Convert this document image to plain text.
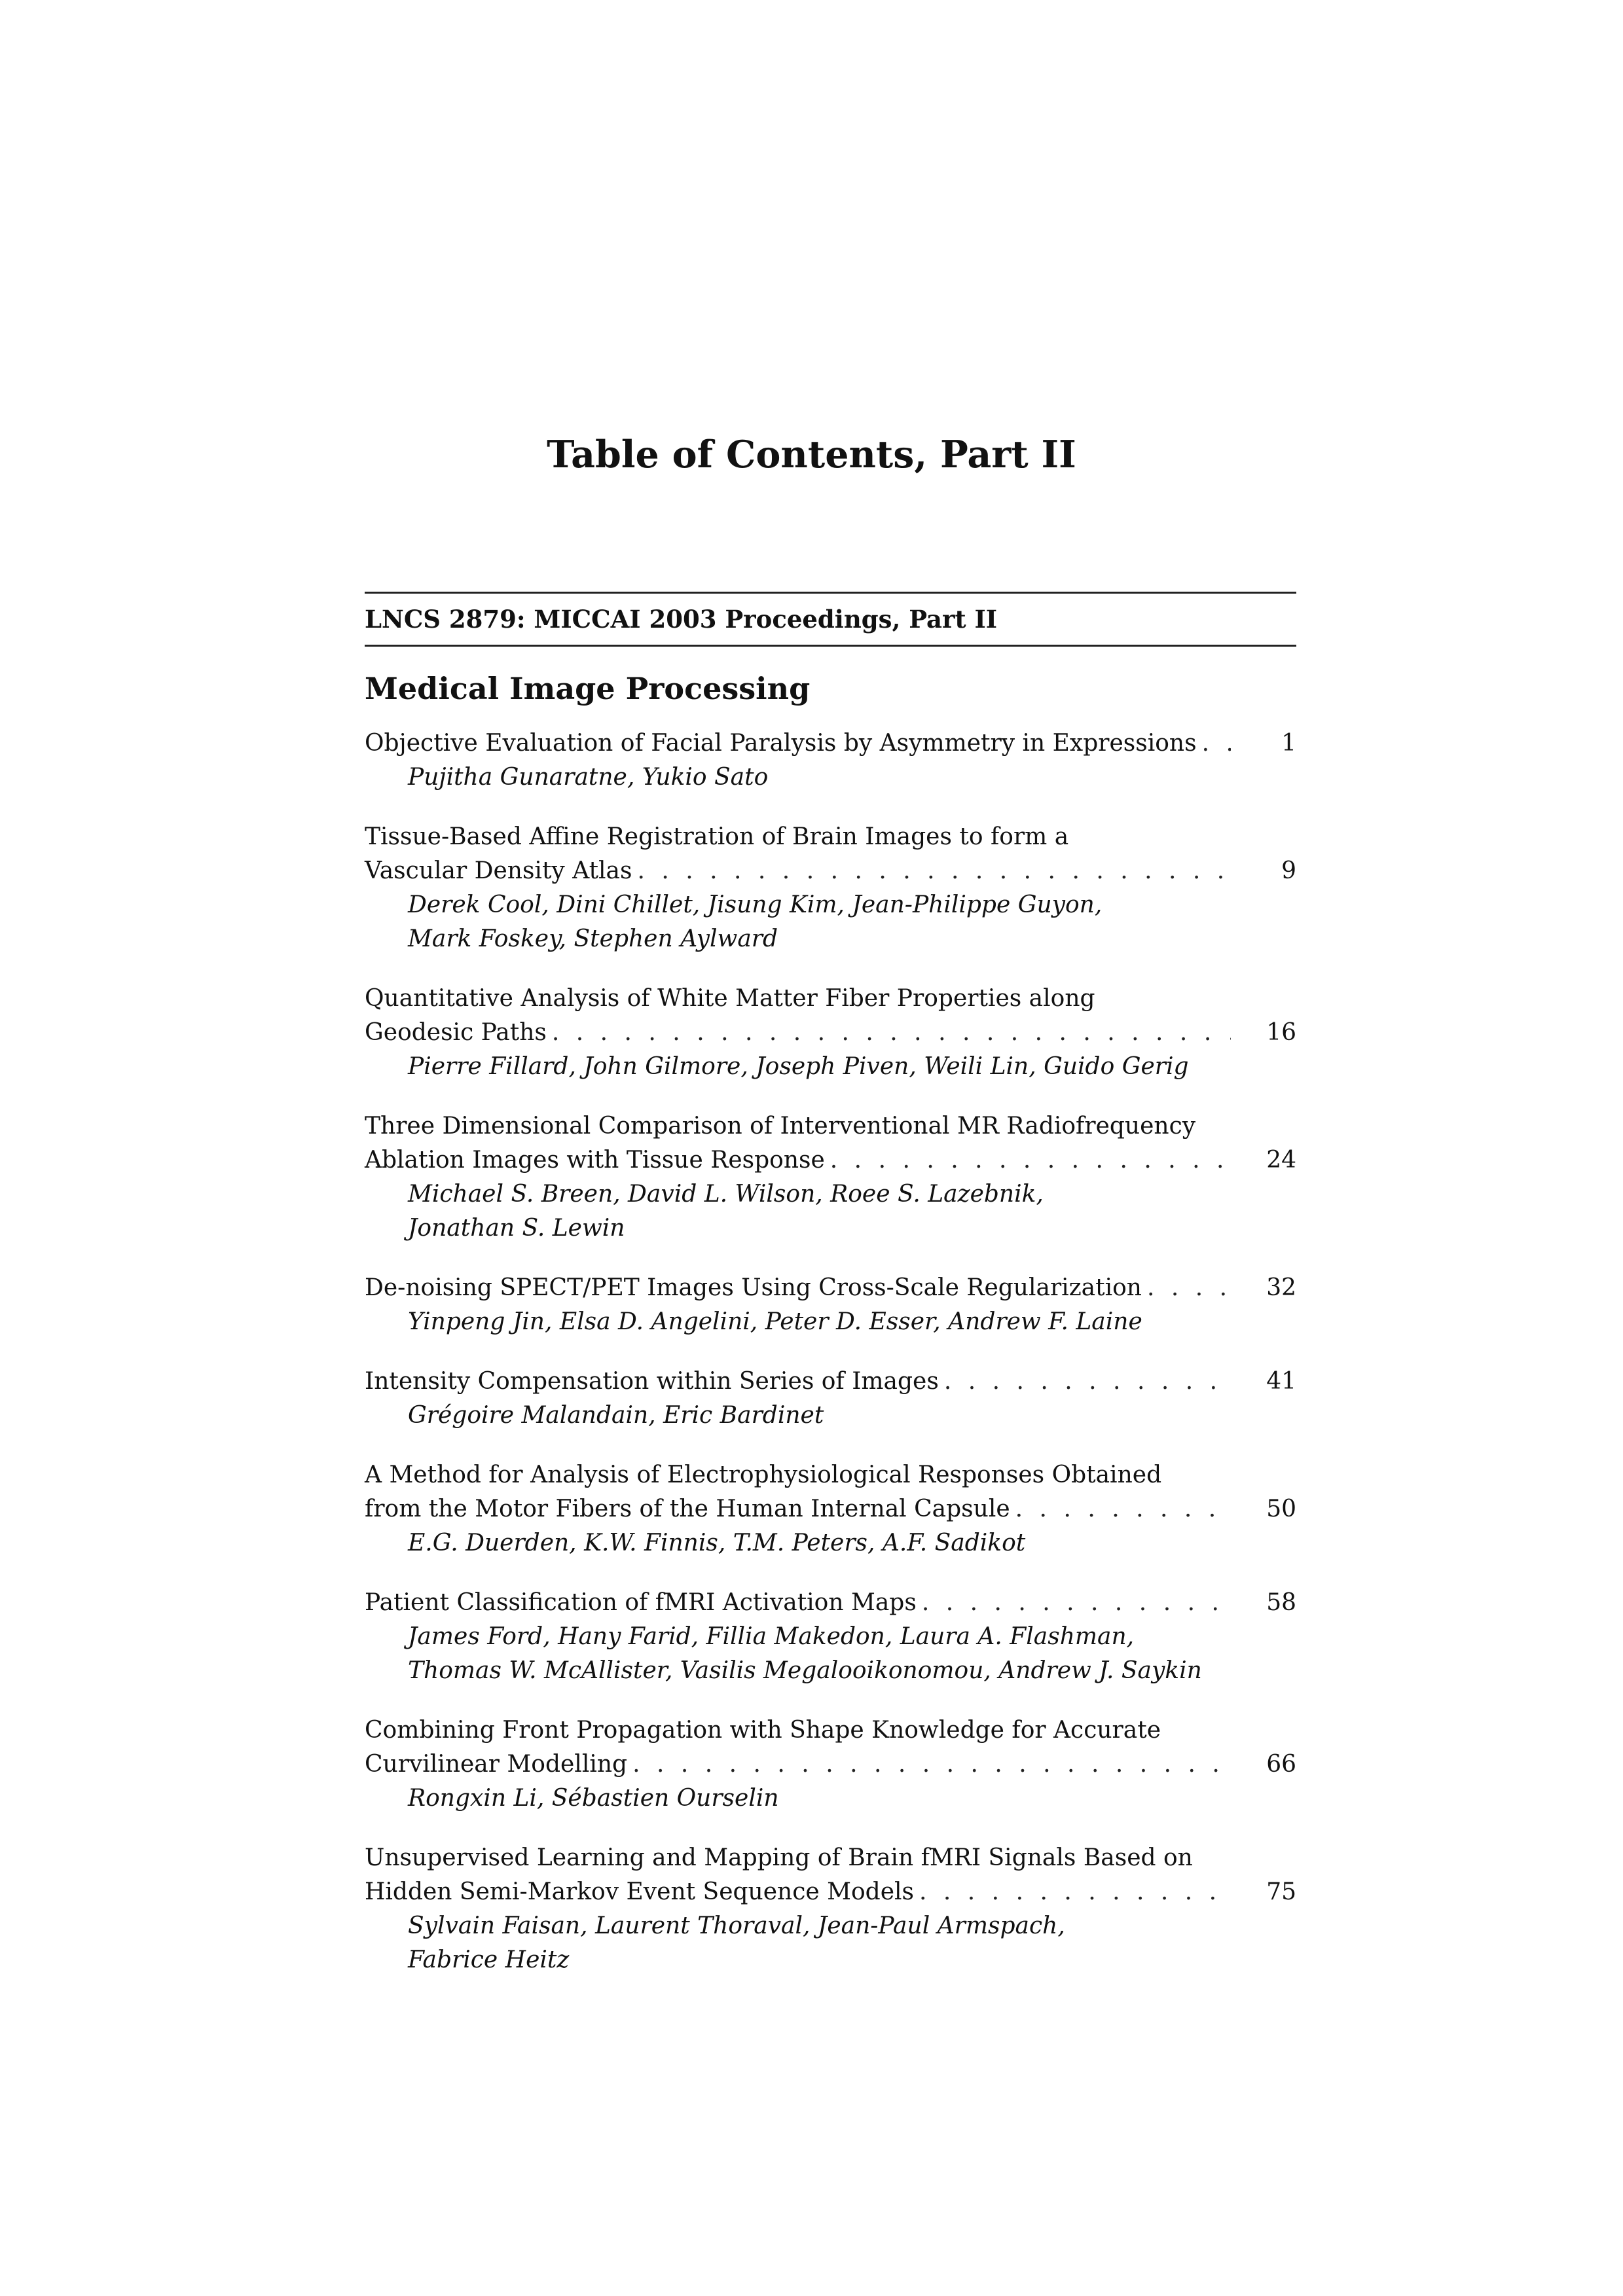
Table of Contents, Part II
LNCS 2879: MICCAI 2003 Proceedings, Part II
Medical Image Processing
Objective Evaluation of Facial Paralysis by Asymmetry in Expressions . . .	1
Pujitha Gunaratne, Yukio Sato
Tissue-Based Affine Registration of Brain Images to form a
Vascular Density Atlas . . .	9
Derek Cool, Dini Chillet, Jisung Kim, Jean-Philippe Guyon,
Mark Foskey, Stephen Aylward
Quantitative Analysis of White Matter Fiber Properties along
Geodesic Paths . . .	16
Pierre Fillard, John Gilmore, Joseph Piven, Weili Lin, Guido Gerig
Three Dimensional Comparison of Interventional MR Radiofrequency
Ablation Images with Tissue Response . . .	24
Michael S. Breen, David L. Wilson, Roee S. Lazebnik,
Jonathan S. Lewin
De-noising SPECT/PET Images Using Cross-Scale Regularization . . .	32
Yinpeng Jin, Elsa D. Angelini, Peter D. Esser, Andrew F. Laine
Intensity Compensation within Series of Images . . .	41
Grégoire Malandain, Eric Bardinet
A Method for Analysis of Electrophysiological Responses Obtained
from the Motor Fibers of the Human Internal Capsule . . .	50
E.G. Duerden, K.W. Finnis, T.M. Peters, A.F. Sadikot
Patient Classification of fMRI Activation Maps . . .	58
James Ford, Hany Farid, Fillia Makedon, Laura A. Flashman,
Thomas W. McAllister, Vasilis Megalooikonomou, Andrew J. Saykin
Combining Front Propagation with Shape Knowledge for Accurate
Curvilinear Modelling . . .	66
Rongxin Li, Sébastien Ourselin
Unsupervised Learning and Mapping of Brain fMRI Signals Based on
Hidden Semi-Markov Event Sequence Models . . .	75
Sylvain Faisan, Laurent Thoraval, Jean-Paul Armspach,
Fabrice Heitz
